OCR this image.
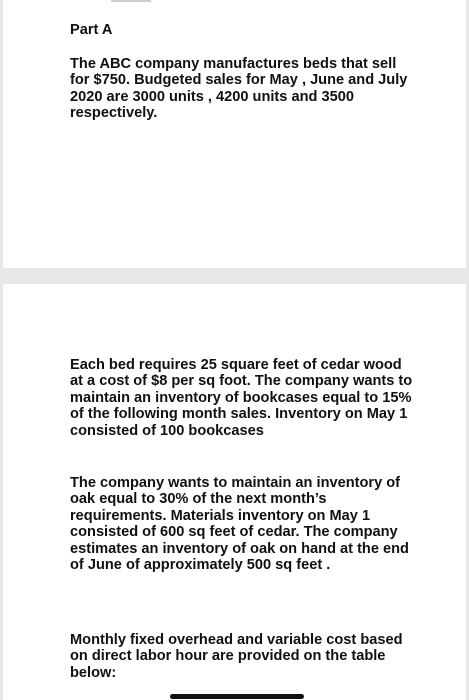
Part A

The ABC company manufactures beds that sell for $750. Budgeted sales for May , June and July 2020 are 3000 units , 4200 units and 3500 respectively.

Each bed requires 25 square feet of cedar wood at a cost of $8 per sq foot. The company wants to maintain an inventory of bookcases equal to 15% of the following month sales. Inventory on May 1 consisted of 100 bookcases

The company wants to maintain an inventory of oak equal to 30% of the next month’s requirements. Materials inventory on May 1 consisted of 600 sq feet of cedar. The company estimates an inventory of oak on hand at the end of June of approximately 500 sq feet .

Monthly fixed overhead and variable cost based on direct labor hour are provided on the table below:
